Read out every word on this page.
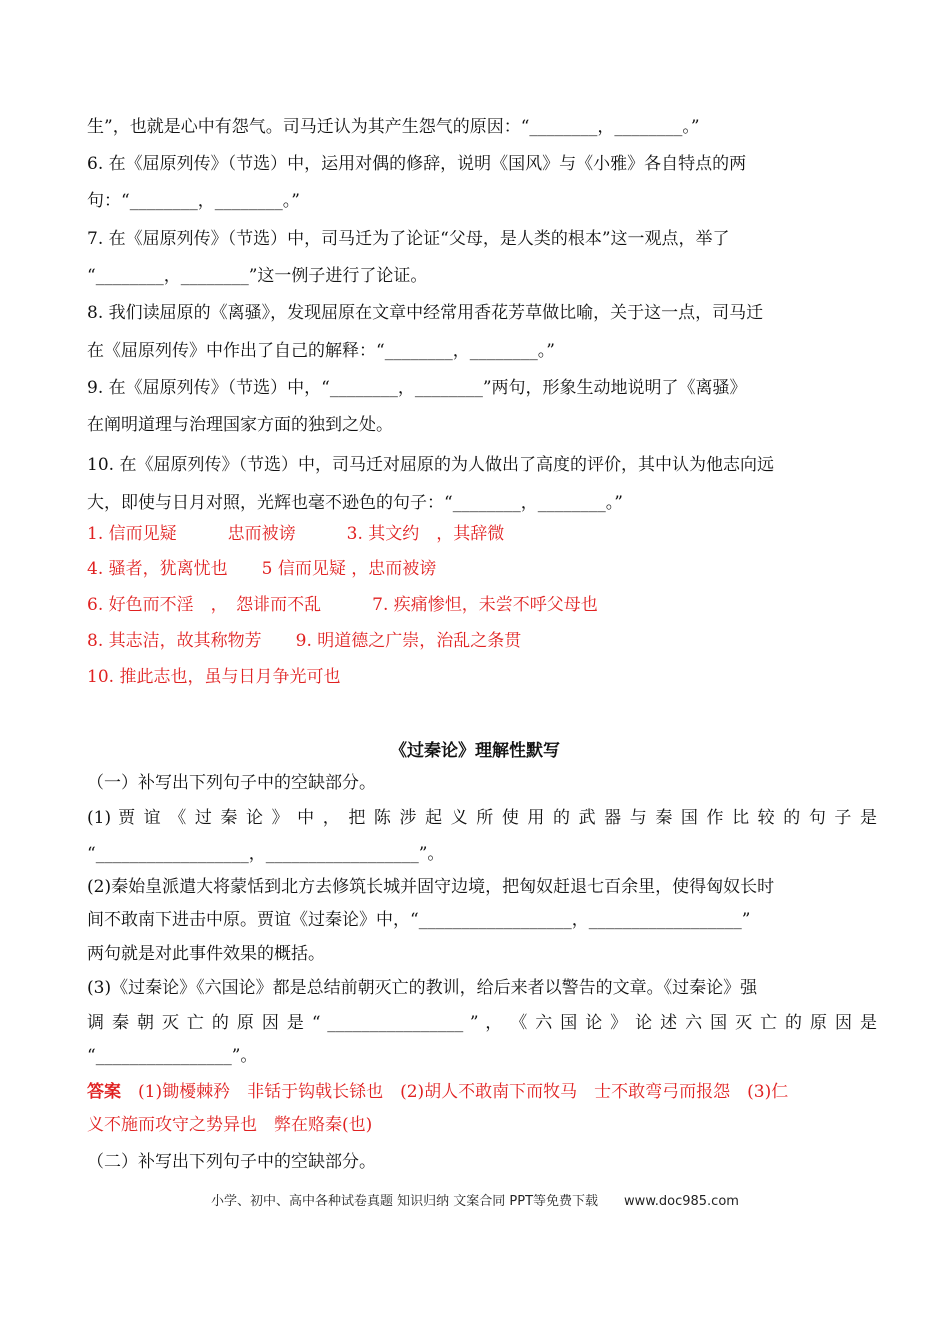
生”，也就是心中有怨气。司马迁认为其产生怨气的原因：“________，________。”
6. 在《屈原列传》（节选）中，运用对偶的修辞，说明《国风》与《小雅》各自特点的两
句：“________，________。”
7. 在《屈原列传》（节选）中，司马迁为了论证“父母，是人类的根本”这一观点，举了
“________，________”这一例子进行了论证。
8. 我们读屈原的《离骚》，发现屈原在文章中经常用香花芳草做比喻，关于这一点，司马迁
在《屈原列传》中作出了自己的解释：“________，________。”
9. 在《屈原列传》（节选）中，“________，________”两句，形象生动地说明了《离骚》
在阐明道理与治理国家方面的独到之处。
10. 在《屈原列传》（节选）中，司马迁对屈原的为人做出了高度的评价，其中认为他志向远
大，即使与日月对照，光辉也毫不逊色的句子：“________，________。”
1. 信而见疑　　　忠而被谤　　　3. 其文约　，其辞微
4. 骚者，犹离忧也　　5 信而见疑 ，忠而被谤
6. 好色而不淫　，　怨诽而不乱　　　7. 疾痛惨怛，未尝不呼父母也
8. 其志洁，故其称物芳　　9. 明道德之广崇，治乱之条贯
10. 推此志也，虽与日月争光可也
《过秦论》理解性默写
（一）补写出下列句子中的空缺部分。
(1) 贾 谊 《 过 秦 论 》 中 ， 把 陈 涉 起 义 所 使 用 的 武 器 与 秦 国 作 比 较 的 句 子 是
“__________________，__________________”。
(2)秦始皇派遣大将蒙恬到北方去修筑长城并固守边境，把匈奴赶退七百余里，使得匈奴长时
间不敢南下进击中原。贾谊《过秦论》中，“__________________，__________________”
两句就是对此事件效果的概括。
(3)《过秦论》《六国论》都是总结前朝灭亡的教训，给后来者以警告的文章。《过秦论》强
调 秦 朝 灭 亡 的 原 因 是 “ ________________ ” ， 《 六 国 论 》 论 述 六 国 灭 亡 的 原 因 是
“________________”。
答案　(1)锄櫌棘矜　非铦于钩戟长铩也　(2)胡人不敢南下而牧马　士不敢弯弓而报怨　(3)仁
义不施而攻守之势异也　弊在赂秦(也)
（二）补写出下列句子中的空缺部分。
小学、初中、高中各种试卷真题 知识归纳 文案合同 PPT等免费下载　　www.doc985.com
